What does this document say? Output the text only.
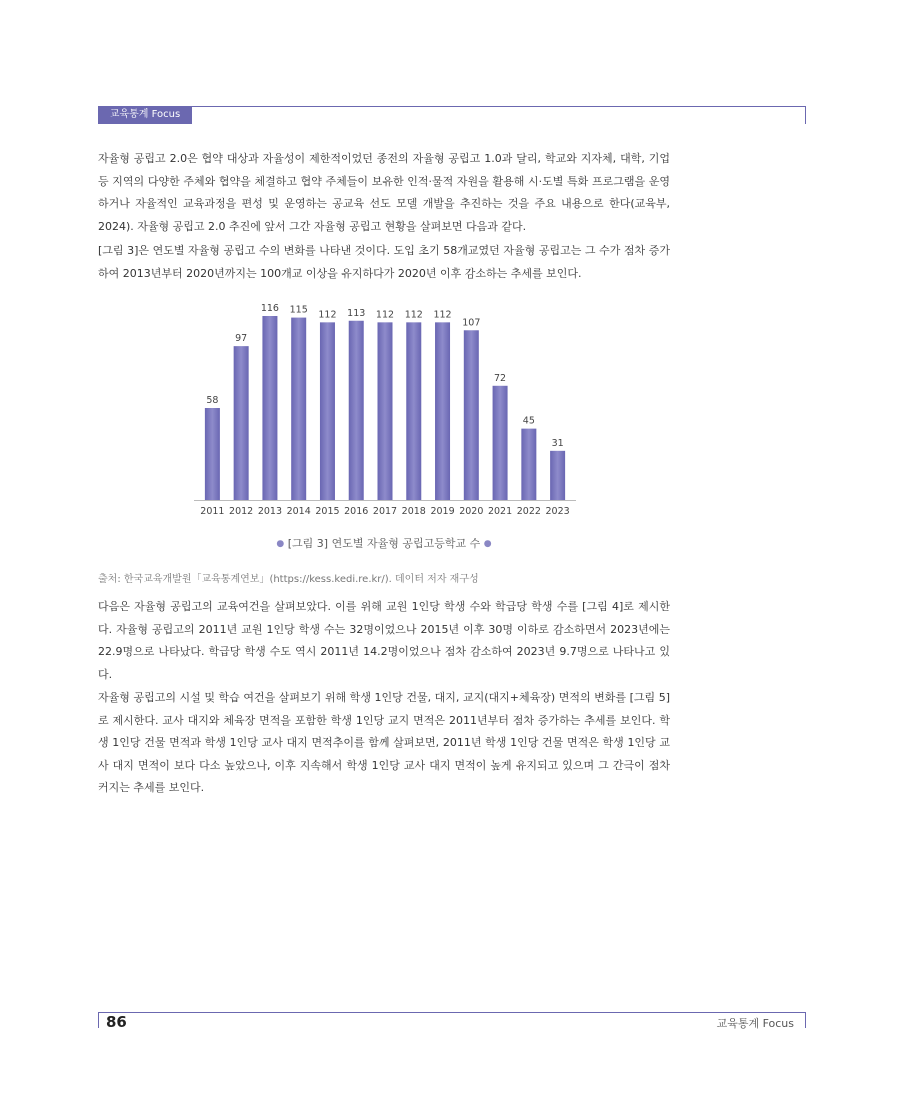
교육통계 Focus

자율형 공립고 2.0은 협약 대상과 자율성이 제한적이었던 종전의 자율형 공립고 1.0과 달리, 학교와 지자체, 대학, 기업 등 지역의 다양한 주체와 협약을 체결하고 협약 주체들이 보유한 인적·물적 자원을 활용해 시·도별 특화 프로그램을 운영하거나 자율적인 교육과정을 편성 및 운영하는 공교육 선도 모델 개발을 추진하는 것을 주요 내용으로 한다(교육부, 2024). 자율형 공립고 2.0 추진에 앞서 그간 자율형 공립고 현황을 살펴보면 다음과 같다.

[그림 3]은 연도별 자율형 공립고 수의 변화를 나타낸 것이다. 도입 초기 58개교였던 자율형 공립고는 그 수가 점차 증가하여 2013년부터 2020년까지는 100개교 이상을 유지하다가 2020년 이후 감소하는 추세를 보인다.

58
2011
97
2012
116
2013
115
2014
112
2015
113
2016
112
2017
112
2018
112
2019
107
2020
72
2021
45
2022
31
2023
● [그림 3] 연도별 자율형 공립고등학교 수 ●
출처: 한국교육개발원「교육통계연보」(https://kess.kedi.re.kr/). 데이터 저자 재구성

다음은 자율형 공립고의 교육여건을 살펴보았다. 이를 위해 교원 1인당 학생 수와 학급당 학생 수를 [그림 4]로 제시한다. 자율형 공립고의 2011년 교원 1인당 학생 수는 32명이었으나 2015년 이후 30명 이하로 감소하면서 2023년에는 22.9명으로 나타났다. 학급당 학생 수도 역시 2011년 14.2명이었으나 점차 감소하여 2023년 9.7명으로 나타나고 있다.

자율형 공립고의 시설 및 학습 여건을 살펴보기 위해 학생 1인당 건물, 대지, 교지(대지+체육장) 면적의 변화를 [그림 5]로 제시한다. 교사 대지와 체육장 면적을 포함한 학생 1인당 교지 면적은 2011년부터 점차 증가하는 추세를 보인다. 학생 1인당 건물 면적과 학생 1인당 교사 대지 면적추이를 함께 살펴보면, 2011년 학생 1인당 건물 면적은 학생 1인당 교사 대지 면적이 보다 다소 높았으나, 이후 지속해서 학생 1인당 교사 대지 면적이 높게 유지되고 있으며 그 간극이 점차 커지는 추세를 보인다.

86	교육통계 Focus
